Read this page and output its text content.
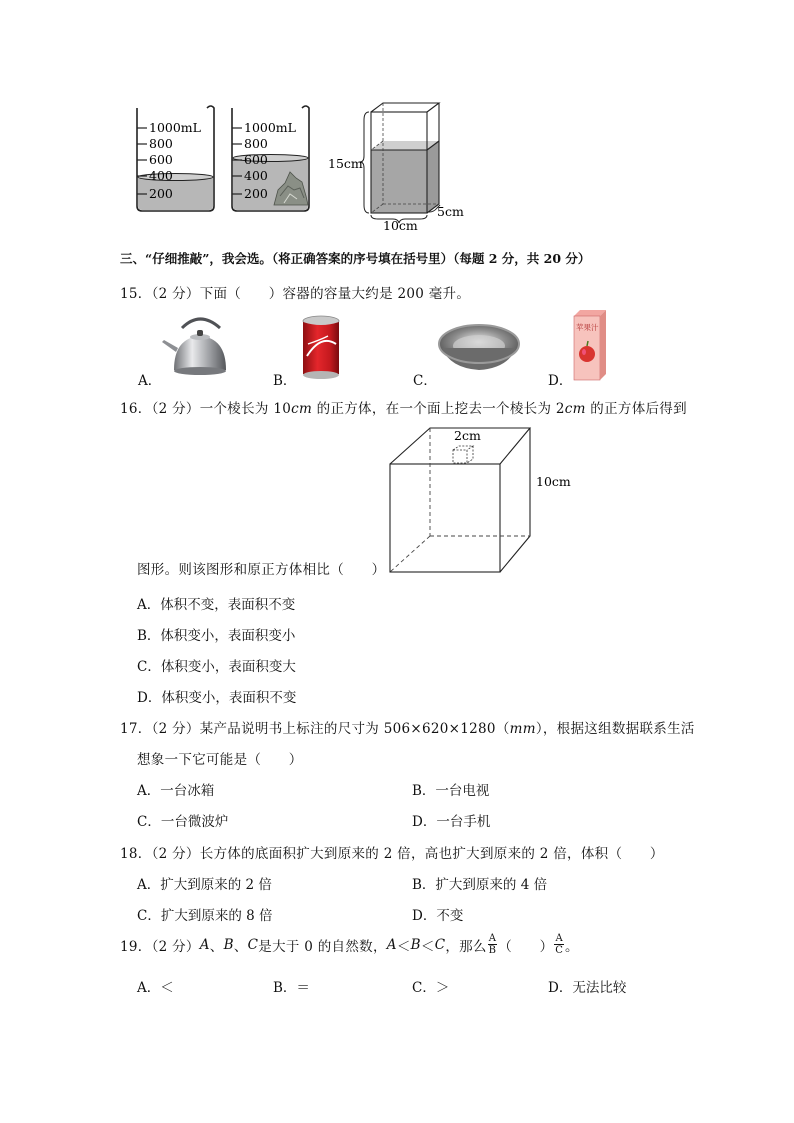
1000mL
800
600
400
200
1000mL
800
600
400
200
15cm
10cm
5cm
三、“仔细推敲”，我会选。（将正确答案的序号填在括号里）（每题 2 分，共 20 分）
15．（2 分）下面（　　）容器的容量大约是 200 毫升。
A．	B．	C．	D．
苹果汁
16．（2 分）一个棱长为 10cm 的正方体，在一个面上挖去一个棱长为 2cm 的正方体后得到
2cm
10cm
图形。则该图形和原正方体相比（　　）
A．体积不变，表面积不变
B．体积变小，表面积变小
C．体积变小，表面积变大
D．体积变小，表面积不变
17．（2 分）某产品说明书上标注的尺寸为 506×620×1280（mm），根据这组数据联系生活
想象一下它可能是（　　）
A．一台冰箱	B．一台电视
C．一台微波炉	D．一台手机
18．（2 分）长方体的底面积扩大到原来的 2 倍，高也扩大到原来的 2 倍，体积（　　）
A．扩大到原来的 2 倍	B．扩大到原来的 4 倍
C．扩大到原来的 8 倍	D．不变
19．（2 分） A 、 B 、 C 是大于 0 的自然数， A ＜ B ＜ C ，那么 $\frac{A}{B}$ （　　） $\frac{A}{C}$ 。
A．＜	B．＝	C．＞	D．无法比较
